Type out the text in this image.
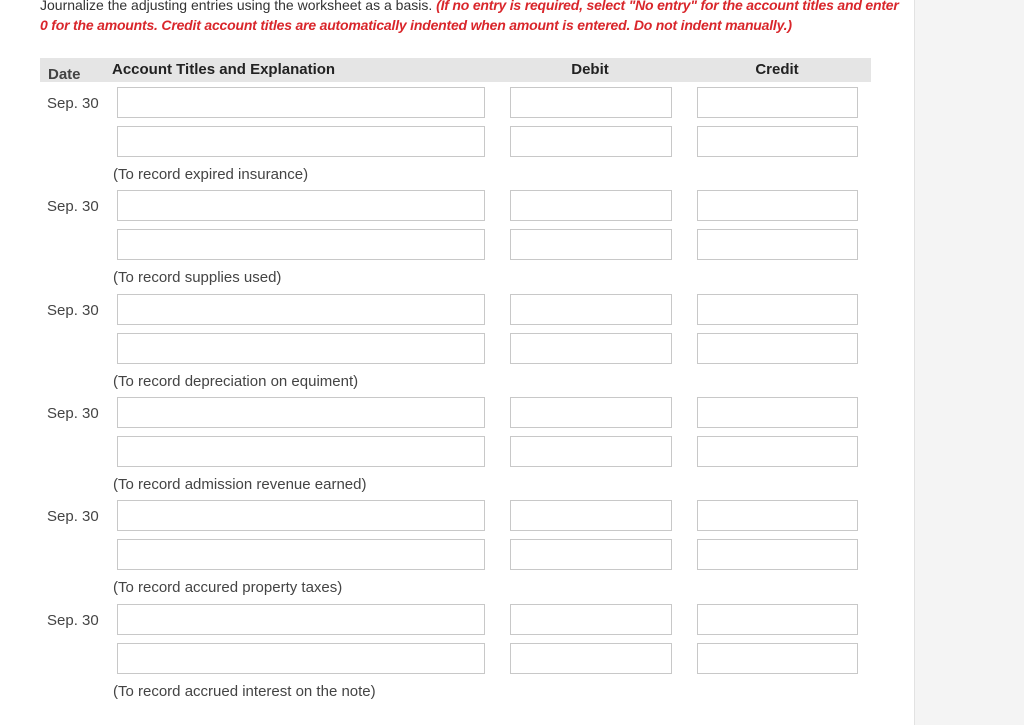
Journalize the adjusting entries using the worksheet as a basis. (If no entry is required, select "No entry" for the account titles and enter 0 for the amounts. Credit account titles are automatically indented when amount is entered. Do not indent manually.)
Date Account Titles and Explanation	Debit	Credit
Sep. 30
(To record expired insurance)
Sep. 30
(To record supplies used)
Sep. 30
(To record depreciation on equiment)
Sep. 30
(To record admission revenue earned)
Sep. 30
(To record accured property taxes)
Sep. 30
(To record accrued interest on the note)
